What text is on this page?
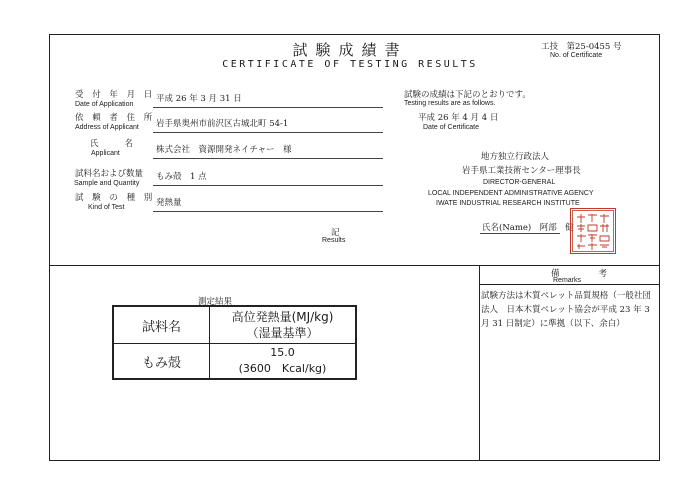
工技　第25-0455 号
No. of Certificate
試験成績書
CERTIFICATE OF TESTING RESULTS
受 付 年 月 日
Date of Application
平成 26 年 3 月 31 日
依 頼 者 住 所
Address of Applicant 岩手県奥州市前沢区古城北町 54-1
氏　　名
Applicant	株式会社　資源開発ネイチャー　様
試料名および数量
Sample and Quantity
もみ殻　1 点
試 験 の 種 別
Kind of Test	発熱量
試験の成績は下記のとおりです。
Testing results are as follows.
平成 26 年 4 月 4 日
Date of Certificate
地方独立行政法人
岩手県工業技術センター理事長
DIRECTOR-GENERAL
LOCAL INDEPENDENT ADMINISTRATIVE AGENCY
IWATE INDUSTRIAL RESEARCH INSTITUTE
氏名(Name)　阿部　健
記
Results
測定結果
試料名	高位発熱量(MJ/kg)
（湿量基準）

もみ殻	15.0
(3600　Kcal/kg)
備　　　　考
Remarks
試験方法は木質ペレット品質規格（一般社団法人　日本木質ペレット協会が平成 23 年 3 月 31 日制定）に準拠（以下、余白）
